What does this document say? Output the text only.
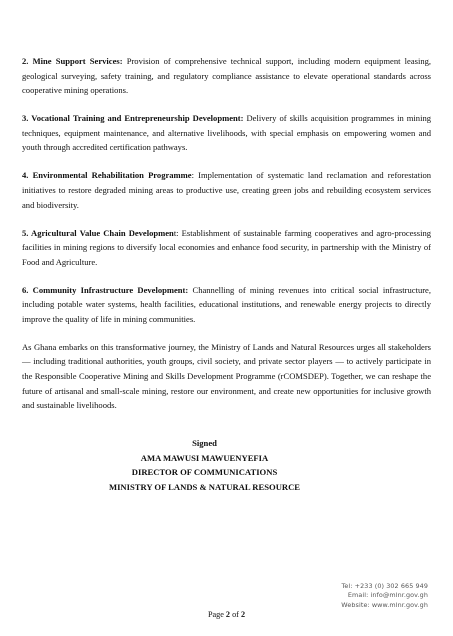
2. Mine Support Services: Provision of comprehensive technical support, including modern equipment leasing, geological surveying, safety training, and regulatory compliance assistance to elevate operational standards across cooperative mining operations.

3. Vocational Training and Entrepreneurship Development: Delivery of skills acquisition programmes in mining techniques, equipment maintenance, and alternative livelihoods, with special emphasis on empowering women and youth through accredited certification pathways.

4. Environmental Rehabilitation Programme: Implementation of systematic land reclamation and reforestation initiatives to restore degraded mining areas to productive use, creating green jobs and rebuilding ecosystem services and biodiversity.

5. Agricultural Value Chain Development: Establishment of sustainable farming cooperatives and agro-processing facilities in mining regions to diversify local economies and enhance food security, in partnership with the Ministry of Food and Agriculture.

6. Community Infrastructure Development: Channelling of mining revenues into critical social infrastructure, including potable water systems, health facilities, educational institutions, and renewable energy projects to directly improve the quality of life in mining communities.

As Ghana embarks on this transformative journey, the Ministry of Lands and Natural Resources urges all stakeholders — including traditional authorities, youth groups, civil society, and private sector players — to actively participate in the Responsible Cooperative Mining and Skills Development Programme (rCOMSDEP). Together, we can reshape the future of artisanal and small-scale mining, restore our environment, and create new opportunities for inclusive growth and sustainable livelihoods.

Signed
AMA MAWUSI MAWUENYEFIA
DIRECTOR OF COMMUNICATIONS
MINISTRY OF LANDS & NATURAL RESOURCE
Tel: +233 (0) 302 665 949
Email: info@mlnr.gov.gh
Website: www.mlnr.gov.gh
Page 2 of 2
